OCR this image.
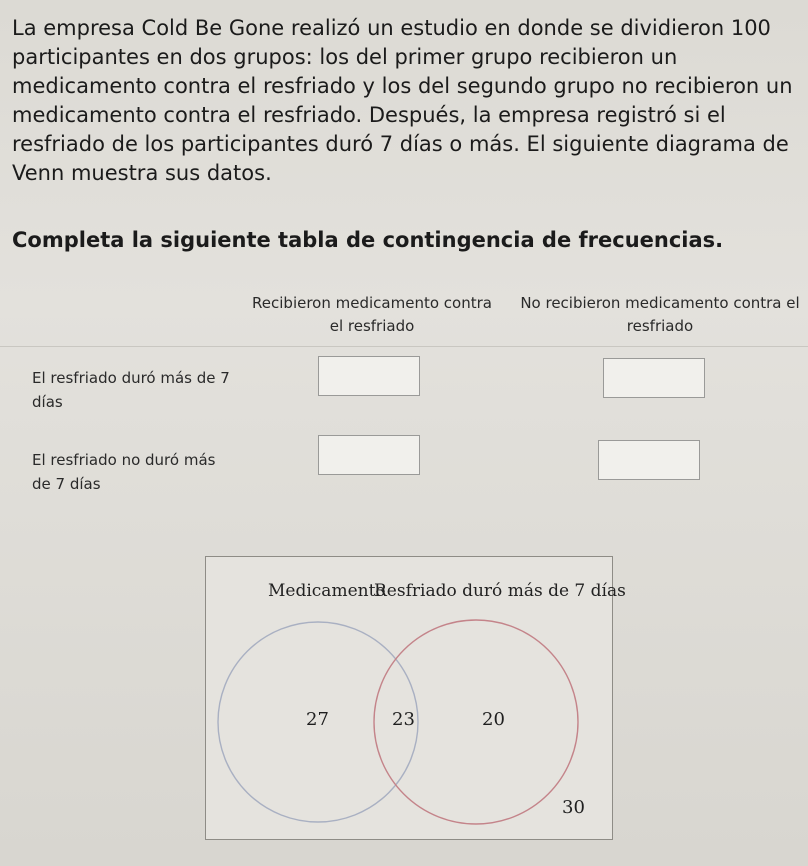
La empresa Cold Be Gone realizó un estudio en donde se dividieron 100 participantes en dos grupos: los del primer grupo recibieron un medicamento contra el resfriado y los del segundo grupo no recibieron un medicamento contra el resfriado. Después, la empresa registró si el resfriado de los participantes duró 7 días o más. El siguiente diagrama de Venn muestra sus datos.

Completa la siguiente tabla de contingencia de frecuencias.

Recibieron medicamento contra el resfriado

No recibieron medicamento contra el resfriado

El resfriado duró más de 7 días

El resfriado no duró más de 7 días

Medicamento
Resfriado duró más de 7 días
27	23	20
30
